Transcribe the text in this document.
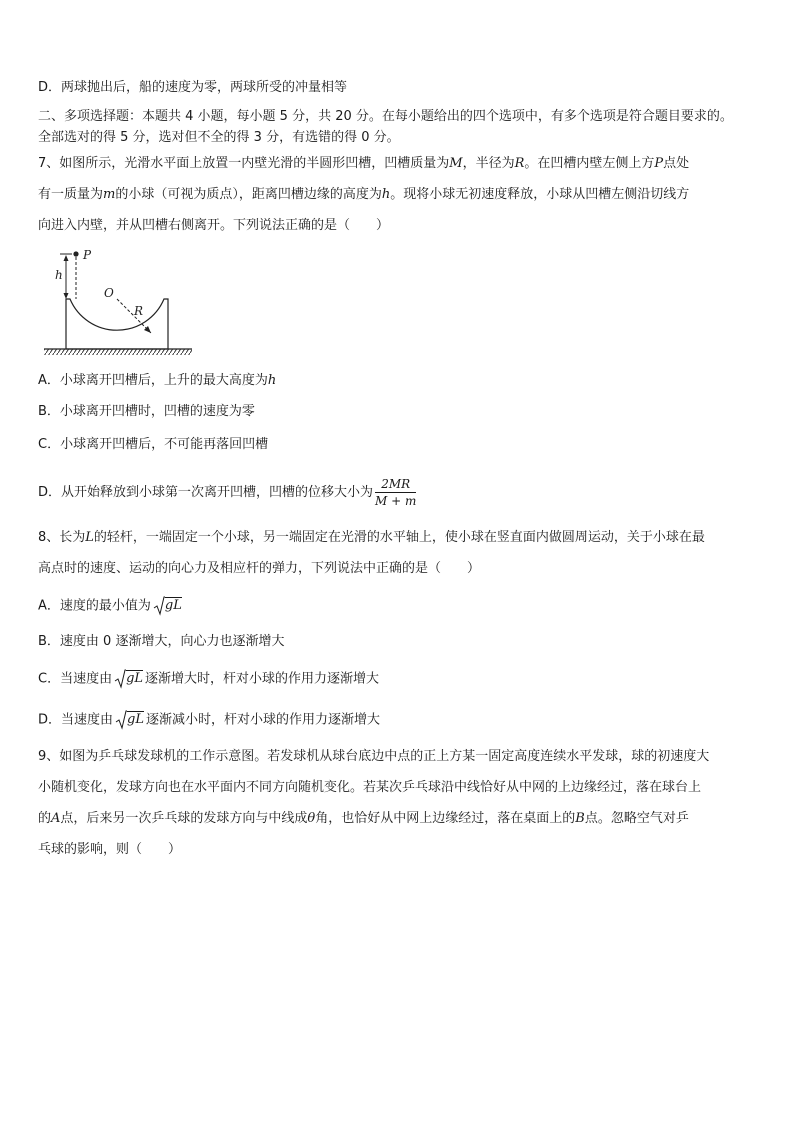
D．两球抛出后，船的速度为零，两球所受的冲量相等
二、多项选择题：本题共 4 小题，每小题 5 分，共 20 分。在每小题给出的四个选项中，有多个选项是符合题目要求的。
全部选对的得 5 分，选对但不全的得 3 分，有选错的得 0 分。
7、如图所示，光滑水平面上放置一内壁光滑的半圆形凹槽，凹槽质量为M，半径为R。在凹槽内壁左侧上方P点处
有一质量为m的小球（可视为质点），距离凹槽边缘的高度为h。现将小球无初速度释放，小球从凹槽左侧沿切线方
向进入内壁，并从凹槽右侧离开。下列说法正确的是（　　）
P
h
O
R
A．小球离开凹槽后，上升的最大高度为h
B．小球离开凹槽时，凹槽的速度为零
C．小球离开凹槽后，不可能再落回凹槽
D．从开始释放到小球第一次离开凹槽，凹槽的位移大小为 $\frac{2MR}{M + m}$
8、长为L的轻杆，一端固定一个小球，另一端固定在光滑的水平轴上，使小球在竖直面内做圆周运动，关于小球在最
高点时的速度、运动的向心力及相应杆的弹力，下列说法中正确的是（　　）
A．速度的最小值为 gL
B．速度由 0 逐渐增大，向心力也逐渐增大
C．当速度由 gL 逐渐增大时，杆对小球的作用力逐渐增大
D．当速度由 gL 逐渐减小时，杆对小球的作用力逐渐增大
9、如图为乒乓球发球机的工作示意图。若发球机从球台底边中点的正上方某一固定高度连续水平发球，球的初速度大
小随机变化，发球方向也在水平面内不同方向随机变化。若某次乒乓球沿中线恰好从中网的上边缘经过，落在球台上
的A点，后来另一次乒乓球的发球方向与中线成θ角，也恰好从中网上边缘经过，落在桌面上的B点。忽略空气对乒
乓球的影响，则（　　）
